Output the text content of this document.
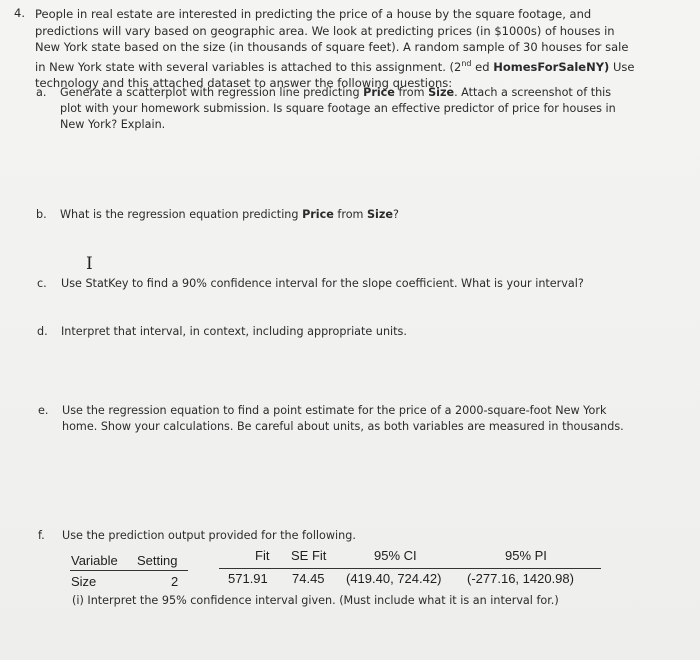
4. People in real estate are interested in predicting the price of a house by the square footage, and predictions will vary based on geographic area. We look at predicting prices (in $1000s) of houses in New York state based on the size (in thousands of square feet). A random sample of 30 houses for sale in New York state with several variables is attached to this assignment. (2nd ed HomesForSaleNY) Use technology and this attached dataset to answer the following questions:
a. Generate a scatterplot with regression line predicting Price from Size. Attach a screenshot of this plot with your homework submission. Is square footage an effective predictor of price for houses in New York? Explain.
b. What is the regression equation predicting Price from Size?
I
c. Use StatKey to find a 90% confidence interval for the slope coefficient. What is your interval?
d. Interpret that interval, in context, including appropriate units.
e. Use the regression equation to find a point estimate for the price of a 2000-square-foot New York home. Show your calculations. Be careful about units, as both variables are measured in thousands.
f. Use the prediction output provided for the following.
Variable Setting	Fit SE Fit	95% CI	95% PI
Size	2	571.91 74.45 (419.40, 724.42) (-277.16, 1420.98)
(i) Interpret the 95% confidence interval given. (Must include what it is an interval for.)
